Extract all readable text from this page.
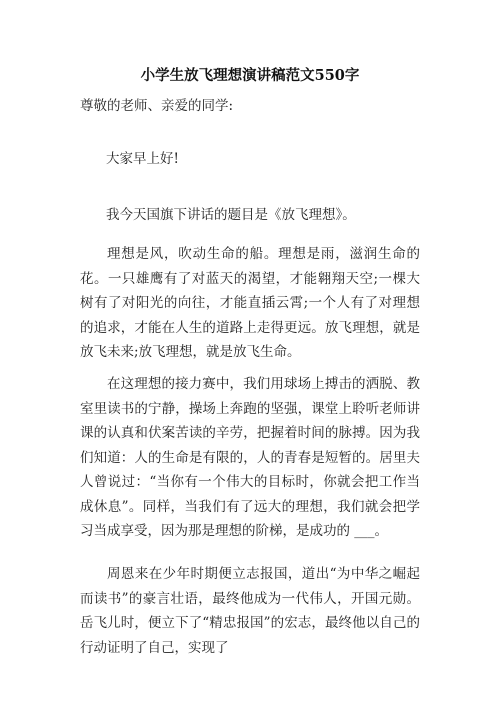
小学生放飞理想演讲稿范文550字
尊敬的老师、亲爱的同学:
大家早上好!
我今天国旗下讲话的题目是《放飞理想》。

理想是风，吹动生命的船。理想是雨，滋润生命的花。一只雄鹰有了对蓝天的渴望，才能翱翔天空;一棵大树有了对阳光的向往，才能直插云霄;一个人有了对理想的追求，才能在人生的道路上走得更远。放飞理想，就是放飞未来;放飞理想，就是放飞生命。

在这理想的接力赛中，我们用球场上搏击的洒脱、教室里读书的宁静，操场上奔跑的坚强，课堂上聆听老师讲课的认真和伏案苦读的辛劳，把握着时间的脉搏。因为我们知道：人的生命是有限的，人的青春是短暂的。居里夫人曾说过：“当你有一个伟大的目标时，你就会把工作当成休息”。同样，当我们有了远大的理想，我们就会把学习当成享受，因为那是理想的阶梯，是成功的 ___。

周恩来在少年时期便立志报国，道出“为中华之崛起而读书”的豪言壮语，最终他成为一代伟人，开国元勋。岳飞儿时，便立下了“精忠报国”的宏志，最终他以自己的行动证明了自己，实现了
